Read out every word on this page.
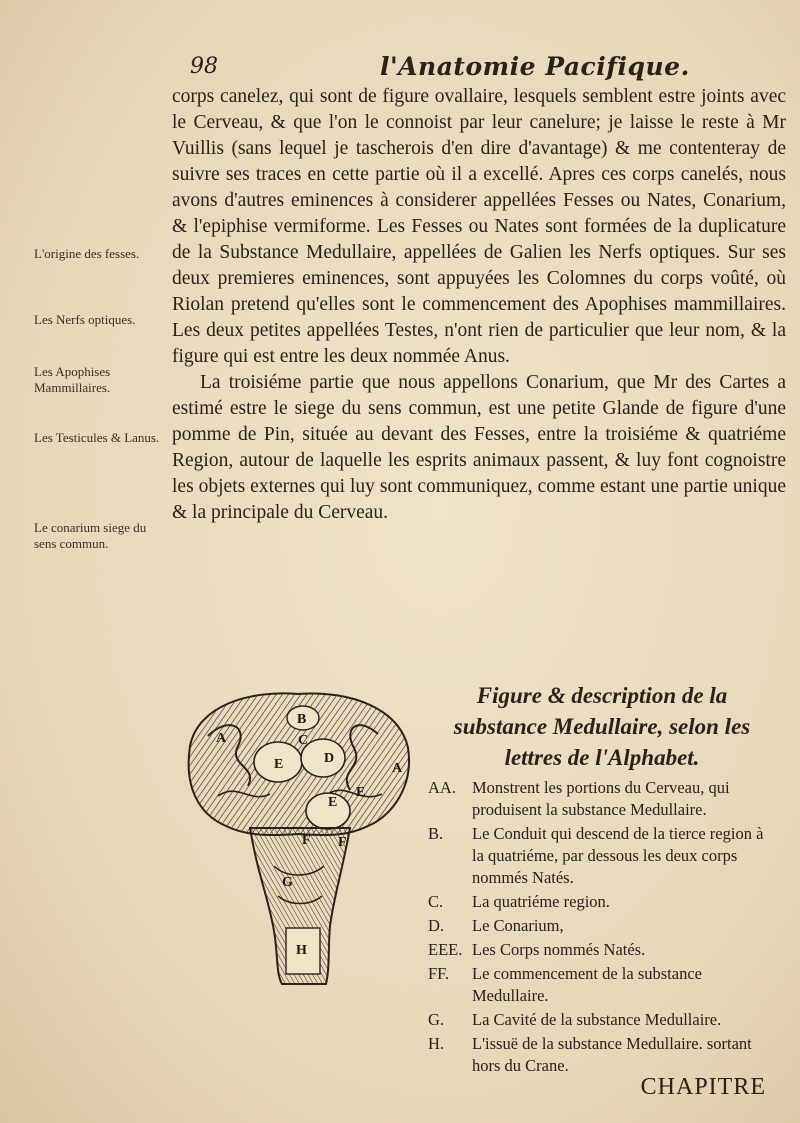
98	l'Anatomie Pacifique.

corps canelez, qui sont de figure ovallaire, lesquels semblent estre joints avec le Cerveau, & que l'on le connoist par leur canelure; je laisse le reste à Mr Vuillis (sans lequel je tascherois d'en dire d'avantage) & me contenteray de suivre ses traces en cette partie où il a excellé. Apres ces corps canelés, nous avons d'autres eminences à considerer appellées Fesses ou Nates, Conarium, & l'epiphise vermiforme. Les Fesses ou Nates sont formées de la duplicature de la Substance Medullaire, appellées de Galien les Nerfs optiques. Sur ses deux premieres eminences, sont appuyées les Colomnes du corps voûté, où Riolan pretend qu'elles sont le commencement des Apophises mammillaires. Les deux petites appellées Testes, n'ont rien de particulier que leur nom, & la figure qui est entre les deux nommée Anus.

La troisiéme partie que nous appellons Conarium, que Mr des Cartes a estimé estre le siege du sens commun, est une petite Glande de figure d'une pomme de Pin, située au devant des Fesses, entre la troisiéme & quatriéme Region, autour de laquelle les esprits animaux passent, & luy font cognoistre les objets externes qui luy sont communiquez, comme estant une partie unique & la principale du Cerveau.

L'origine des fesses.
Les Nerfs optiques.
Les Apophises Mammillaires.
Les Testicules & Lanus.
Le conarium siege du sens commun.
A
A
B
C
D
E
E
E
F F
G
H

Figure & description de la substance Medullaire, selon les lettres de l'Alphabet.

AA. Monstrent les portions du Cerveau, qui produisent la substance Medullaire.
B. Le Conduit qui descend de la tierce region à la quatriéme, par dessous les deux corps nommés Natés.
C. La quatriéme region.
D. Le Conarium,
EEE. Les Corps nommés Natés.
FF. Le commencement de la substance Medullaire.
G. La Cavité de la substance Medullaire.
H. L'issuë de la substance Medullaire. sortant hors du Crane.
CHAPITRE
